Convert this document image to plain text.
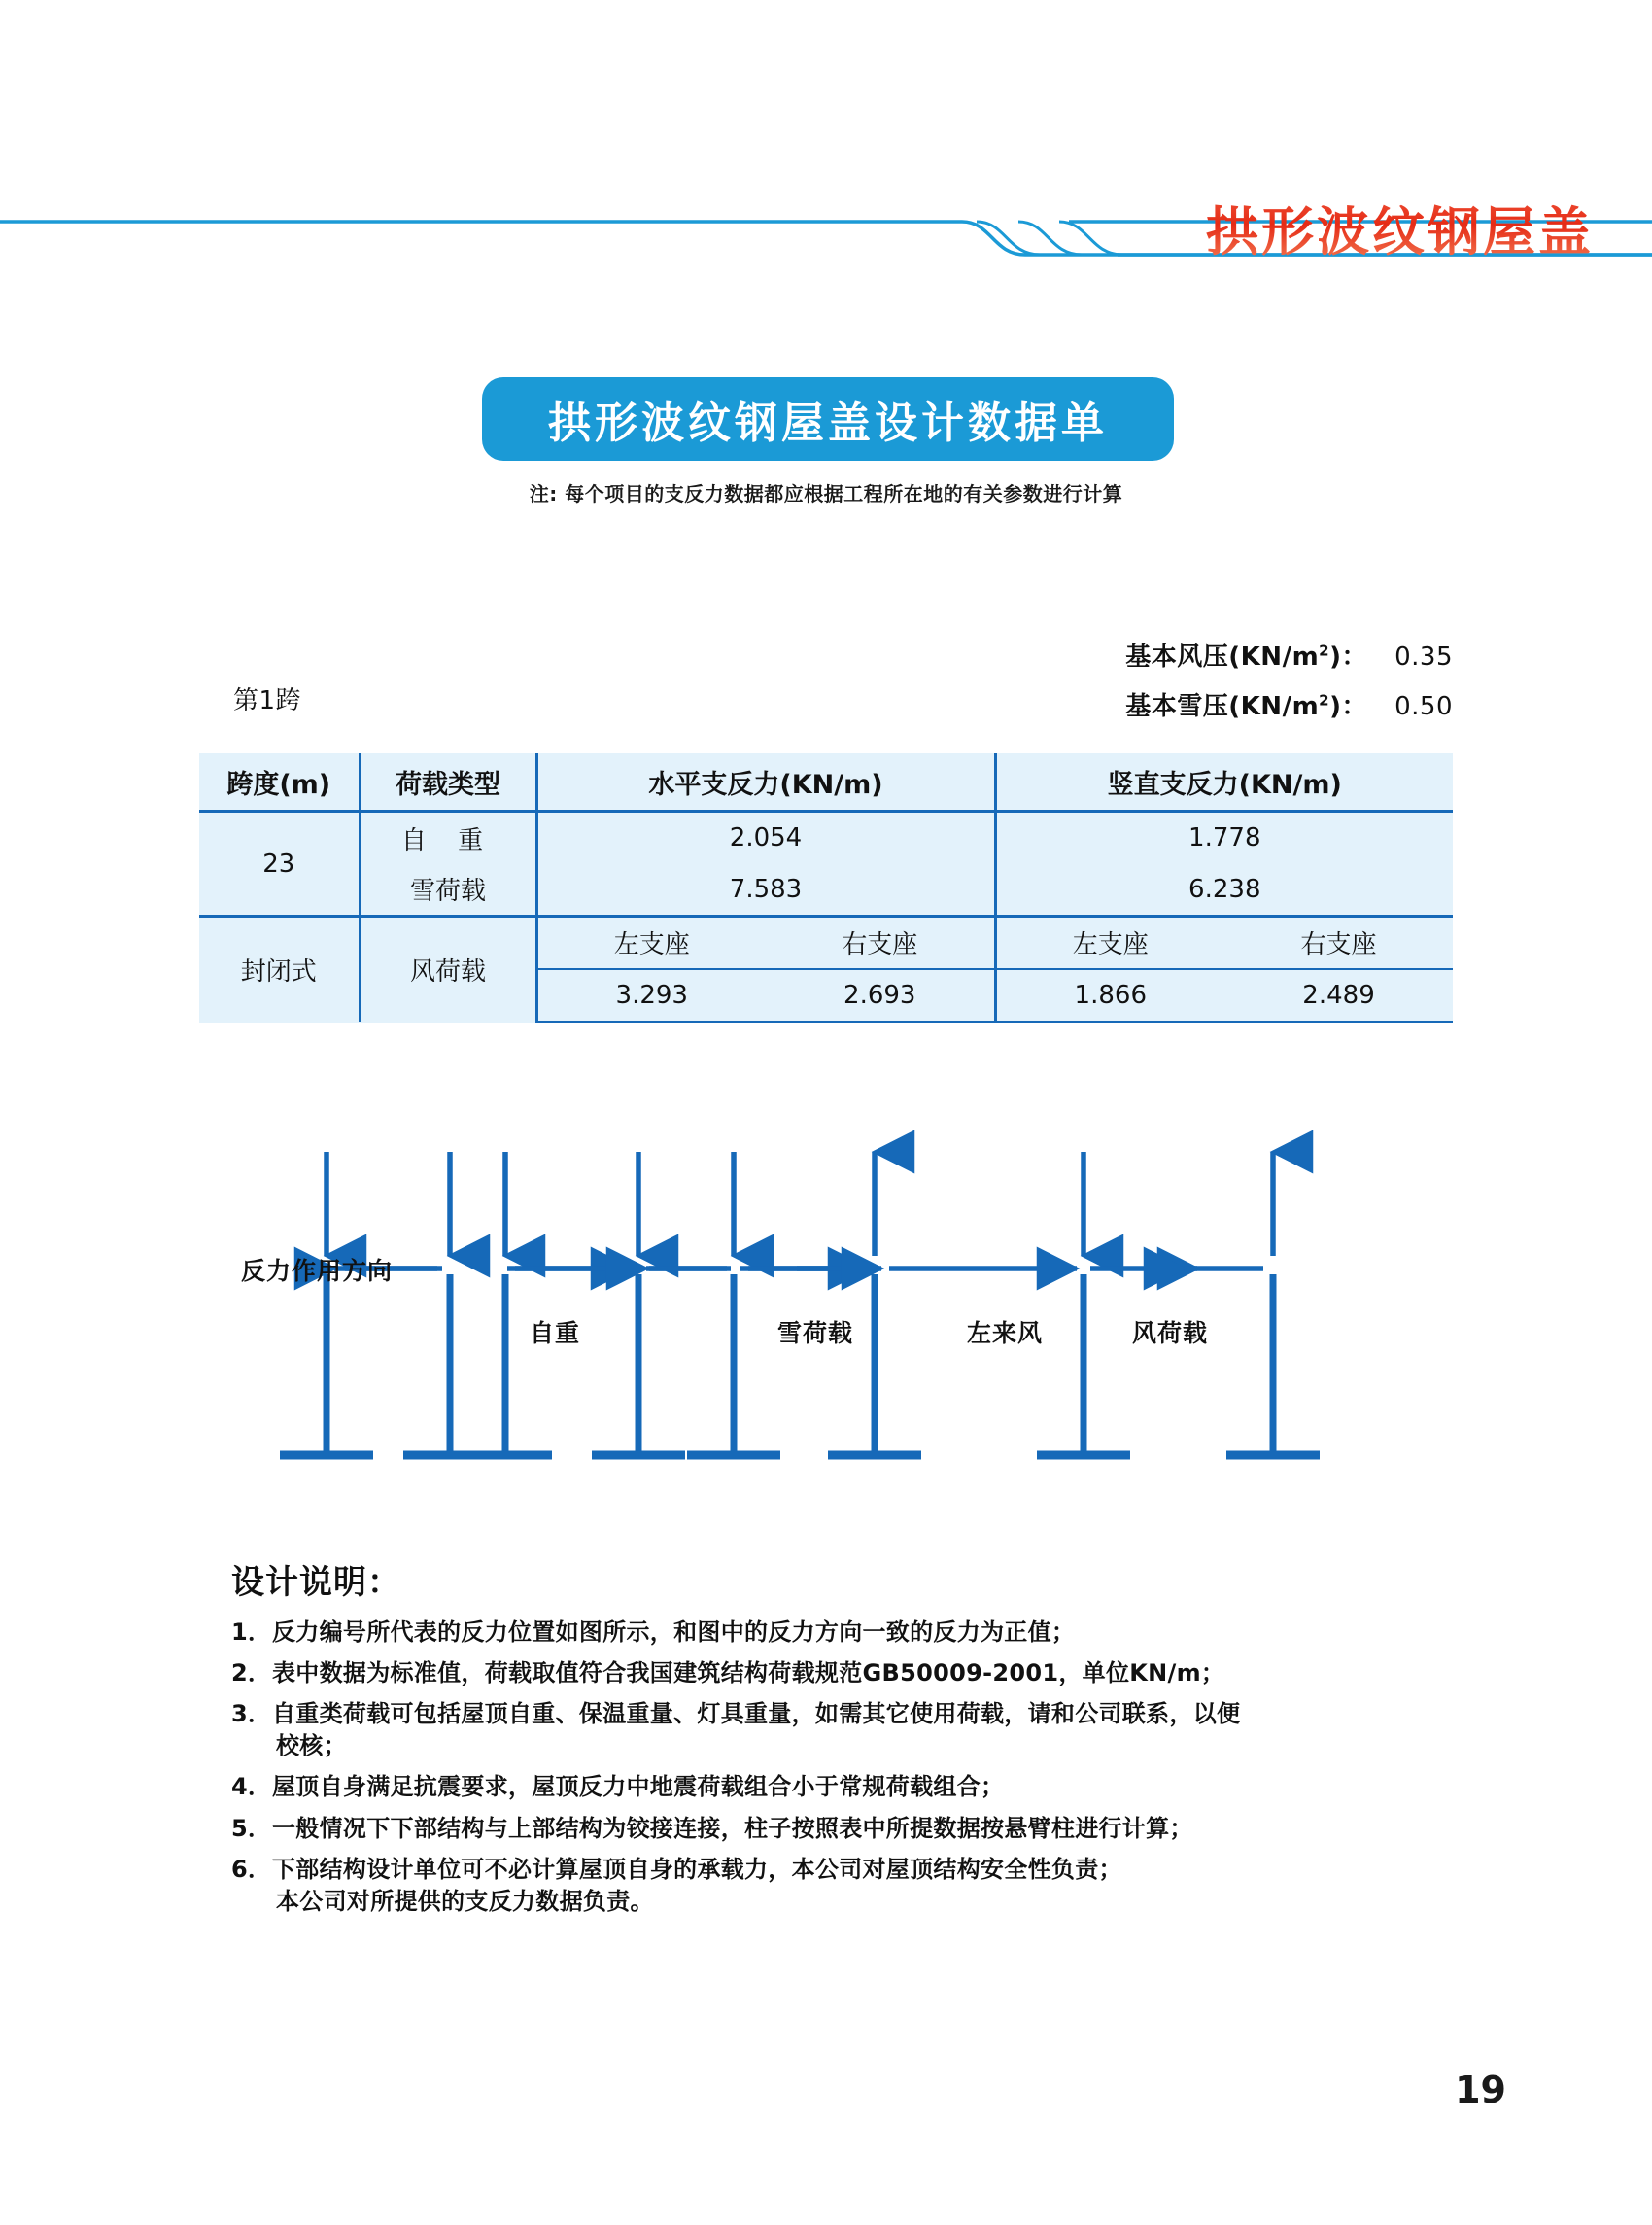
拱形波纹钢屋盖
拱形波纹钢屋盖设计数据单
注: 每个项目的支反力数据都应根据工程所在地的有关参数进行计算
第1跨
基本风压$(KN/m^2)$：	0.35
基本雪压$(KN/m^2)$：	0.50
跨度(m)	荷载类型	水平支反力(KN/m)		竖直支反力(KN/m)	
23	自 重	2.054		1.778	
	雪荷载	7.583		6.238	
封闭式	风荷载	左支座	右支座	左支座	右支座
		3.293	2.693	1.866	2.489
反力作用方向
自重	雪荷载	左来风	风荷载
设计说明：
1． 反力编号所代表的反力位置如图所示，和图中的反力方向一致的反力为正值；
2． 表中数据为标准值，荷载取值符合我国建筑结构荷载规范GB50009-2001，单位KN/m；
3． 自重类荷载可包括屋顶自重、保温重量、灯具重量，如需其它使用荷载，请和公司联系，以便
校核；
4． 屋顶自身满足抗震要求，屋顶反力中地震荷载组合小于常规荷载组合；
5． 一般情况下下部结构与上部结构为铰接连接，柱子按照表中所提数据按悬臂柱进行计算；
6． 下部结构设计单位可不必计算屋顶自身的承载力，本公司对屋顶结构安全性负责；
本公司对所提供的支反力数据负责。
19
